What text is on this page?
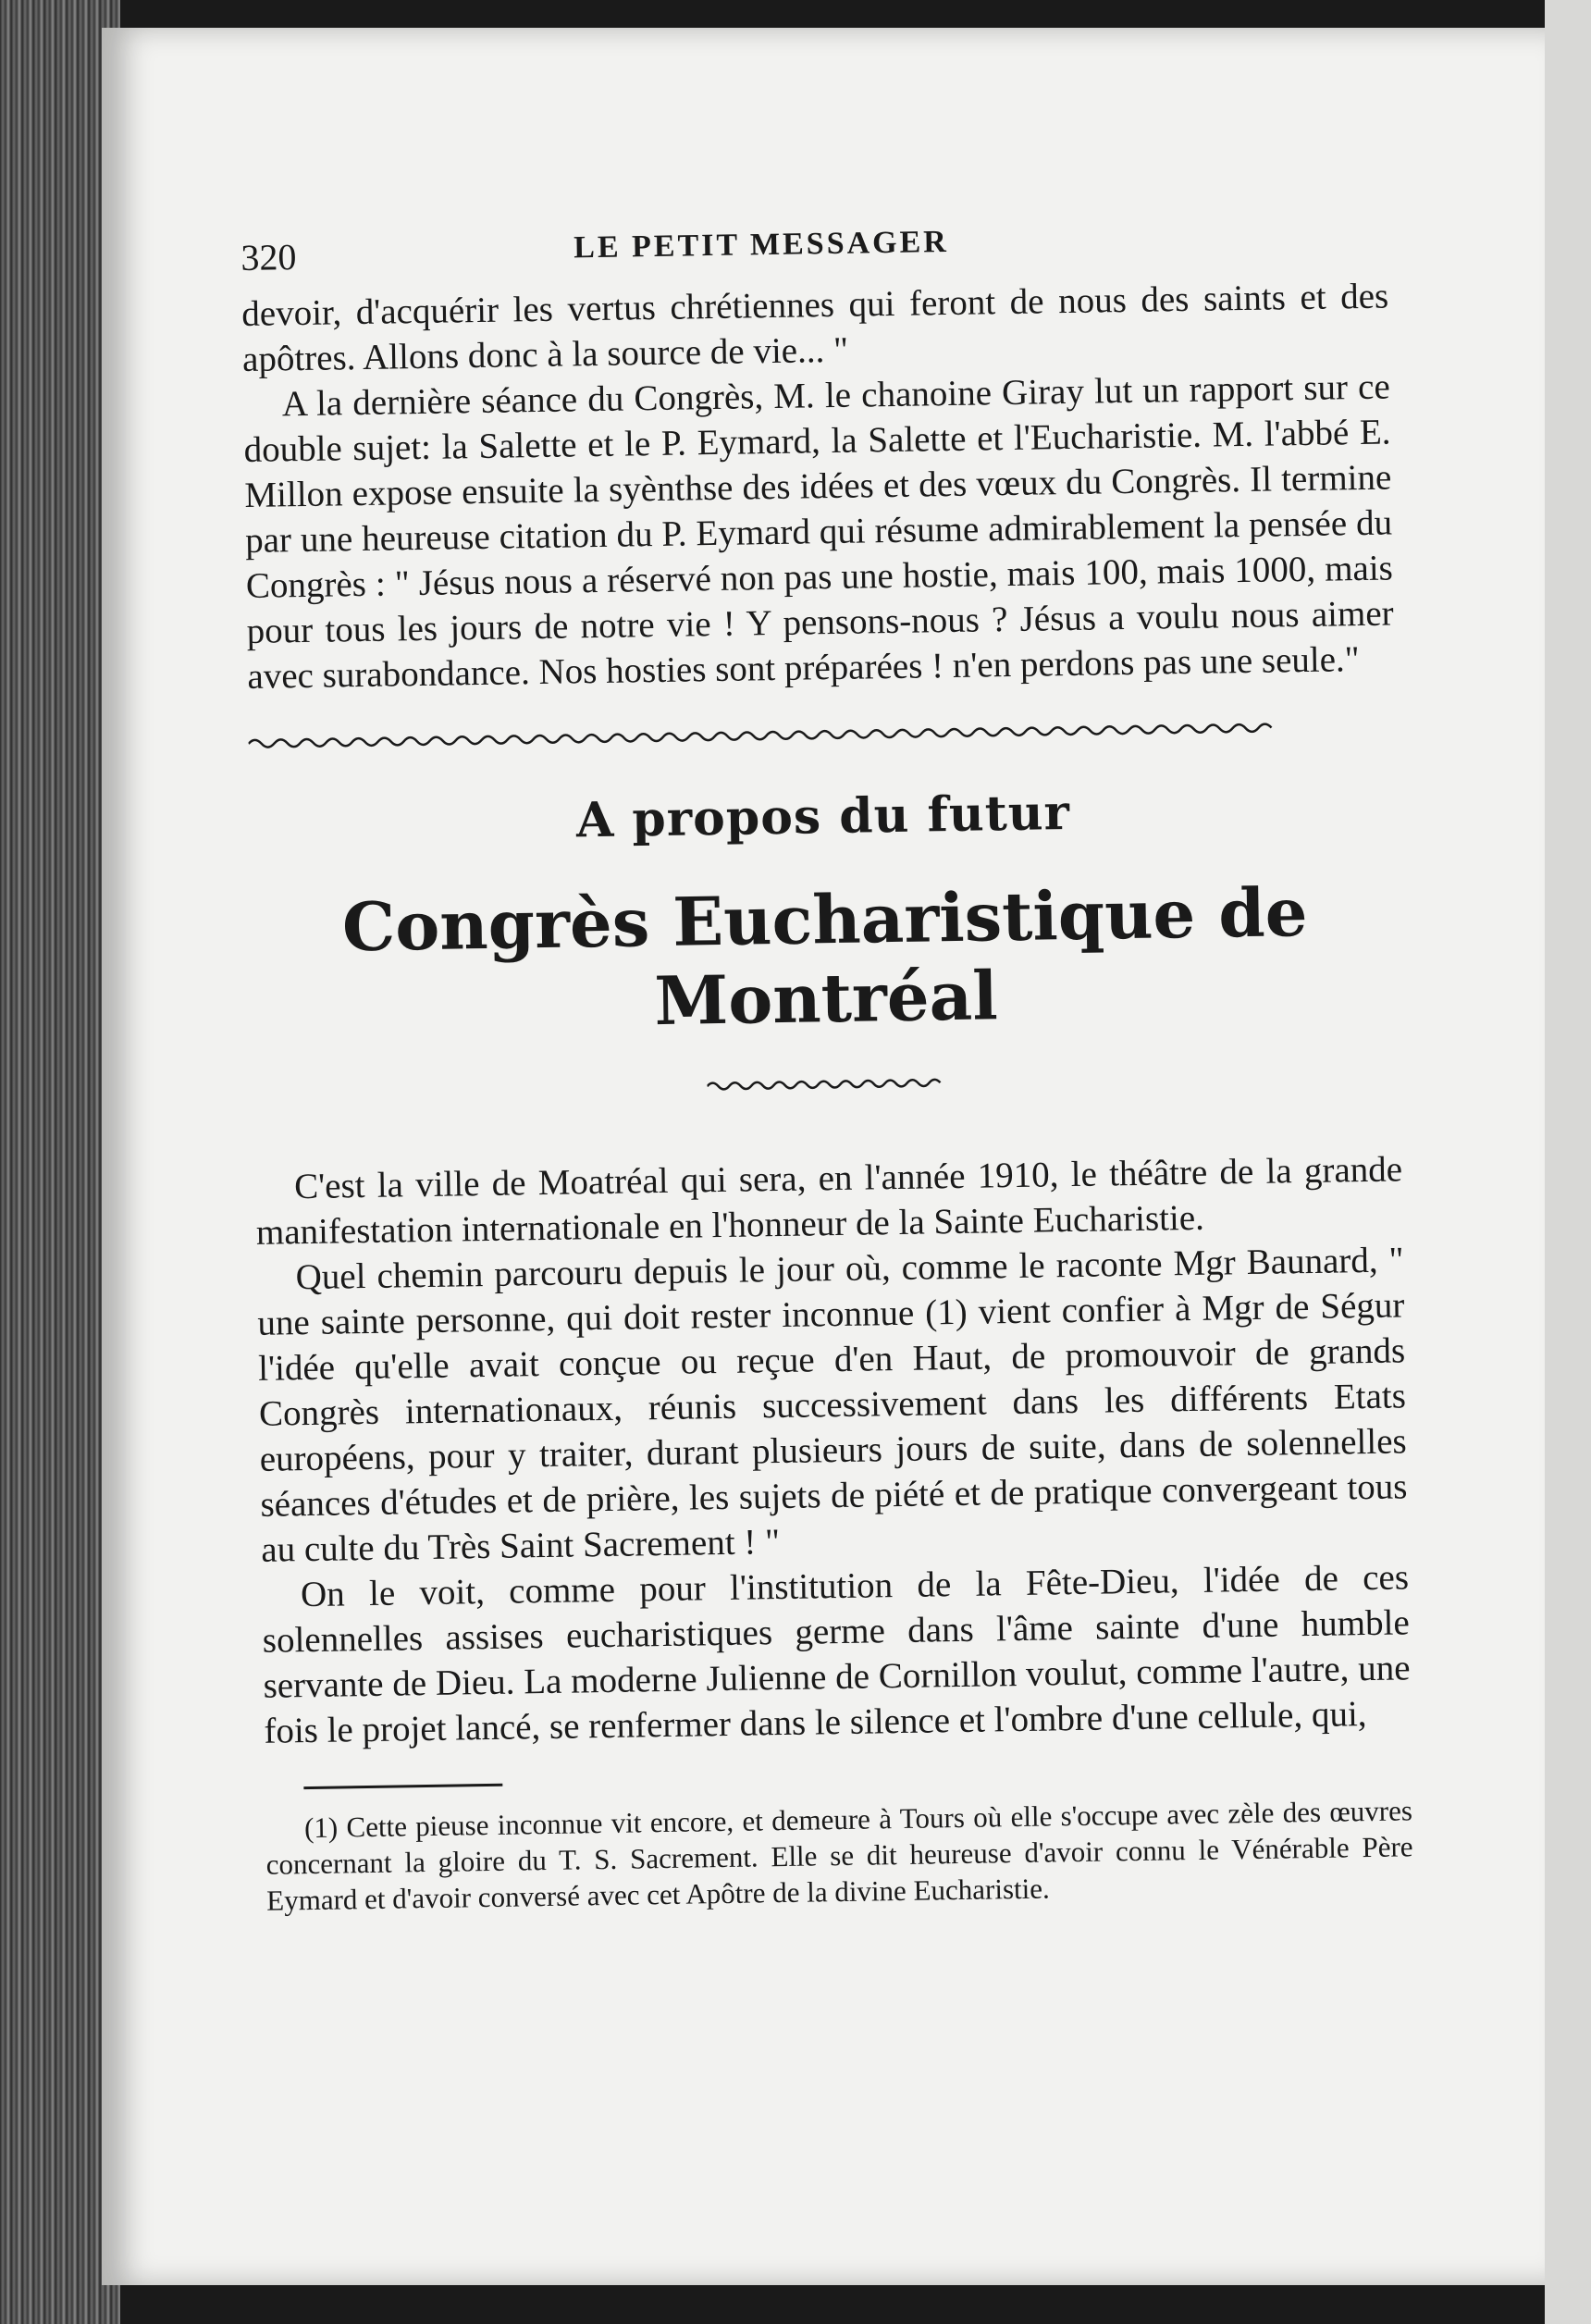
320	LE PETIT MESSAGER

devoir, d'acquérir les vertus chrétiennes qui feront de nous des saints et des apôtres. Allons donc à la source de vie... "

A la dernière séance du Congrès, M. le chanoine Giray lut un rapport sur ce double sujet: la Salette et le P. Eymard, la Salette et l'Eucharistie. M. l'abbé E. Millon expose ensuite la syènthse des idées et des vœux du Congrès. Il termine par une heureuse citation du P. Eymard qui résume admirablement la pensée du Congrès : " Jésus nous a réservé non pas une hostie, mais 100, mais 1000, mais pour tous les jours de notre vie ! Y pensons-nous ? Jésus a voulu nous aimer avec surabondance. Nos hosties sont préparées ! n'en perdons pas une seule."

A propos du futur
Congrès Eucharistique de Montréal

C'est la ville de Moatréal qui sera, en l'année 1910, le théâtre de la grande manifestation internationale en l'honneur de la Sainte Eucharistie.

Quel chemin parcouru depuis le jour où, comme le raconte Mgr Baunard, " une sainte personne, qui doit rester inconnue (1) vient confier à Mgr de Ségur l'idée qu'elle avait conçue ou reçue d'en Haut, de promouvoir de grands Congrès internationaux, réunis successivement dans les différents Etats européens, pour y traiter, durant plusieurs jours de suite, dans de solennelles séances d'études et de prière, les sujets de piété et de pratique convergeant tous au culte du Très Saint Sacrement ! "

On le voit, comme pour l'institution de la Fête-Dieu, l'idée de ces solennelles assises eucharistiques germe dans l'âme sainte d'une humble servante de Dieu. La moderne Julienne de Cornillon voulut, comme l'autre, une fois le projet lancé, se renfermer dans le silence et l'ombre d'une cellule, qui,

(1) Cette pieuse inconnue vit encore, et demeure à Tours où elle s'occupe avec zèle des œuvres concernant la gloire du T. S. Sacrement. Elle se dit heureuse d'avoir connu le Vénérable Père Eymard et d'avoir conversé avec cet Apôtre de la divine Eucharistie.
